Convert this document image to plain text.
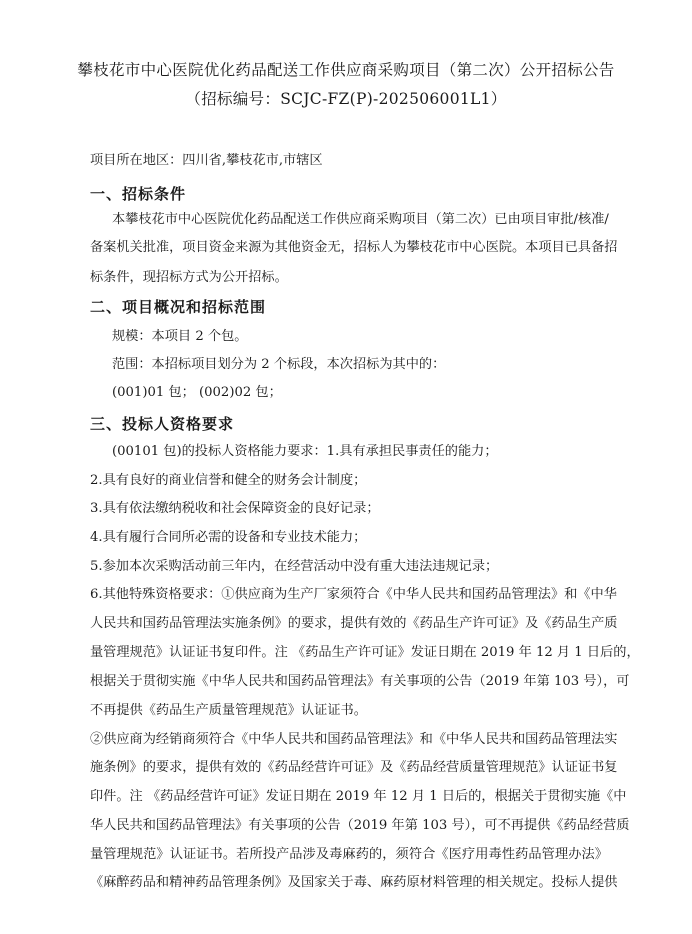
攀枝花市中心医院优化药品配送工作供应商采购项目（第二次）公开招标公告
（招标编号：SCJC-FZ(P)-202506001L1）
项目所在地区：四川省,攀枝花市,市辖区
一、招标条件
本攀枝花市中心医院优化药品配送工作供应商采购项目（第二次）已由项目审批/核准/
备案机关批准，项目资金来源为其他资金无，招标人为攀枝花市中心医院。本项目已具备招
标条件，现招标方式为公开招标。
二、项目概况和招标范围
规模：本项目 2 个包。
范围：本招标项目划分为 2 个标段，本次招标为其中的：
(001)01 包； (002)02 包；
三、投标人资格要求
(00101 包)的投标人资格能力要求：1.具有承担民事责任的能力；
2.具有良好的商业信誉和健全的财务会计制度；
3.具有依法缴纳税收和社会保障资金的良好记录；
4.具有履行合同所必需的设备和专业技术能力；
5.参加本次采购活动前三年内，在经营活动中没有重大违法违规记录；
6.其他特殊资格要求：①供应商为生产厂家须符合《中华人民共和国药品管理法》和《中华
人民共和国药品管理法实施条例》的要求，提供有效的《药品生产许可证》及《药品生产质
量管理规范》认证证书复印件。注 《药品生产许可证》发证日期在 2019 年 12 月 1 日后的，
根据关于贯彻实施《中华人民共和国药品管理法》有关事项的公告（2019 年第 103 号），可
不再提供《药品生产质量管理规范》认证证书。
②供应商为经销商须符合《中华人民共和国药品管理法》和《中华人民共和国药品管理法实
施条例》的要求，提供有效的《药品经营许可证》及《药品经营质量管理规范》认证证书复
印件。注 《药品经营许可证》发证日期在 2019 年 12 月 1 日后的，根据关于贯彻实施《中
华人民共和国药品管理法》有关事项的公告（2019 年第 103 号），可不再提供《药品经营质
量管理规范》认证证书。若所投产品涉及毒麻药的，须符合《医疗用毒性药品管理办法》
《麻醉药品和精神药品管理条例》及国家关于毒、麻药原材料管理的相关规定。投标人提供
